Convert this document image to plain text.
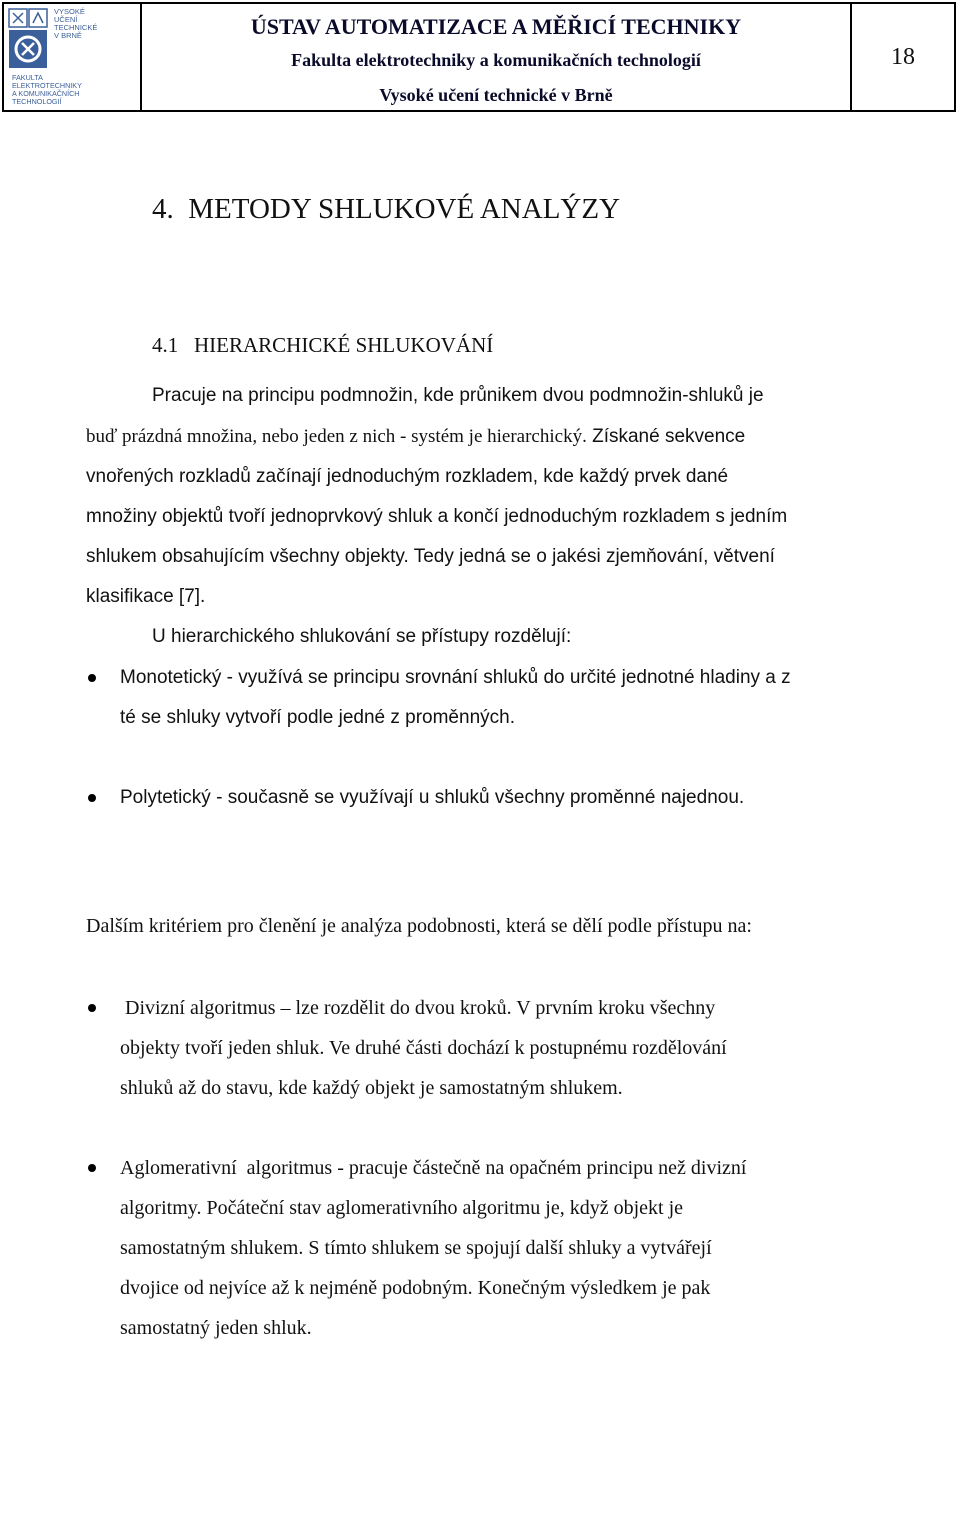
VYSOKÉ
UČENÍ
TECHNICKÉ
V BRNĚ
FAKULTA
ELEKTROTECHNIKY
A KOMUNIKAČNÍCH
TECHNOLOGIÍ
ÚSTAV AUTOMATIZACE A MĚŘICÍ TECHNIKY
Fakulta elektrotechniky a komunikačních technologií
Vysoké učení technické v Brně
18
4.  METODY SHLUKOVÉ ANALÝZY
4.1   HIERARCHICKÉ SHLUKOVÁNÍ
Pracuje na principu podmnožin, kde průnikem dvou podmnožin-shluků je
buď prázdná množina, nebo jeden z nich - systém je hierarchický. Získané sekvence
vnořených rozkladů začínají jednoduchým rozkladem, kde každý prvek dané
množiny objektů tvoří jednoprvkový shluk a končí jednoduchým rozkladem s jedním
shlukem obsahujícím všechny objekty. Tedy jedná se o jakési zjemňování, větvení
klasifikace [7].
U hierarchického shlukování se přístupy rozdělují:
Monotetický - využívá se principu srovnání shluků do určité jednotné hladiny a z
té se shluky vytvoří podle jedné z proměnných.
Polytetický - současně se využívají u shluků všechny proměnné najednou.
Dalším kritériem pro členění je analýza podobnosti, která se dělí podle přístupu na:
Divizní algoritmus – lze rozdělit do dvou kroků. V prvním kroku všechny
objekty tvoří jeden shluk. Ve druhé části dochází k postupnému rozdělování
shluků až do stavu, kde každý objekt je samostatným shlukem.
Aglomerativní  algoritmus - pracuje částečně na opačném principu než divizní
algoritmy. Počáteční stav aglomerativního algoritmu je, když objekt je
samostatným shlukem. S tímto shlukem se spojují další shluky a vytvářejí
dvojice od nejvíce až k nejméně podobným. Konečným výsledkem je pak
samostatný jeden shluk.
